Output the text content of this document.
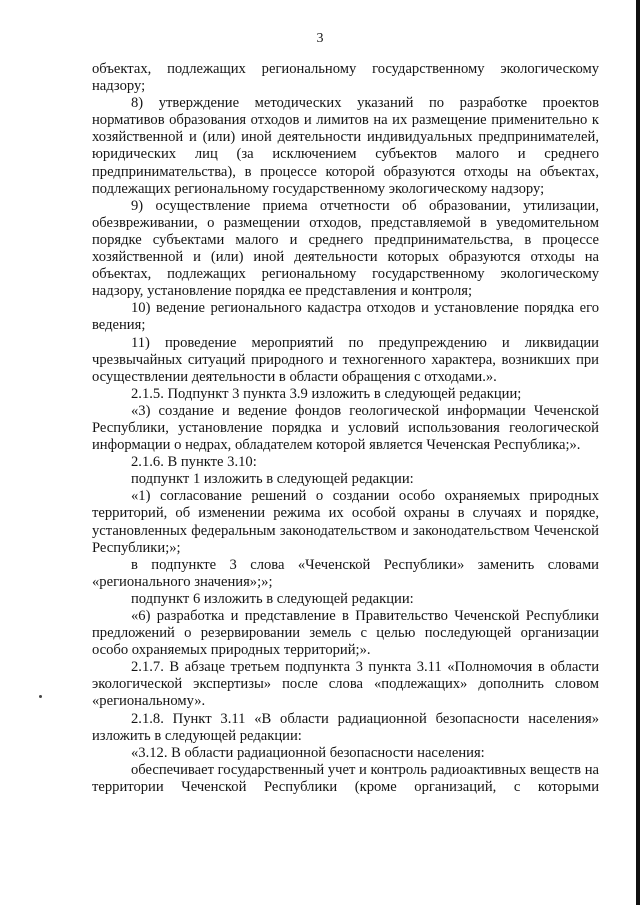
3

объектах, подлежащих региональному государственному экологическому надзору;

8) утверждение методических указаний по разработке проектов нормативов образования отходов и лимитов на их размещение применительно к хозяйственной и (или) иной деятельности индивидуальных предпринимателей, юридических лиц (за исключением субъектов малого и среднего предпринимательства), в процессе которой образуются отходы на объектах, подлежащих региональному государственному экологическому надзору;

9) осуществление приема отчетности об образовании, утилизации, обезвреживании, о размещении отходов, представляемой в уведомительном порядке субъектами малого и среднего предпринимательства, в процессе хозяйственной и (или) иной деятельности которых образуются отходы на объектах, подлежащих региональному государственному экологическому надзору, установление порядка ее представления и контроля;

10) ведение регионального кадастра отходов и установление порядка его ведения;

11) проведение мероприятий по предупреждению и ликвидации чрезвычайных ситуаций природного и техногенного характера, возникших при осуществлении деятельности в области обращения с отходами.».

2.1.5. Подпункт 3 пункта 3.9 изложить в следующей редакции;

«3) создание и ведение фондов геологической информации Чеченской Республики, установление порядка и условий использования геологической информации о недрах, обладателем которой является Чеченская Республика;».

2.1.6. В пункте 3.10:

подпункт 1 изложить в следующей редакции:

«1) согласование решений о создании особо охраняемых природных территорий, об изменении режима их особой охраны в случаях и порядке, установленных федеральным законодательством и законодательством Чеченской Республики;»;

в подпункте 3 слова «Чеченской Республики» заменить словами «регионального значения»;»;

подпункт 6 изложить в следующей редакции:

«6) разработка и представление в Правительство Чеченской Республики предложений о резервировании земель с целью последующей организации особо охраняемых природных территорий;».

2.1.7. В абзаце третьем подпункта 3 пункта 3.11 «Полномочия в области экологической экспертизы» после слова «подлежащих» дополнить словом «региональному».

2.1.8. Пункт 3.11 «В области радиационной безопасности населения» изложить в следующей редакции:

«3.12. В области радиационной безопасности населения:

обеспечивает государственный учет и контроль радиоактивных веществ на территории Чеченской Республики (кроме организаций, с которыми
